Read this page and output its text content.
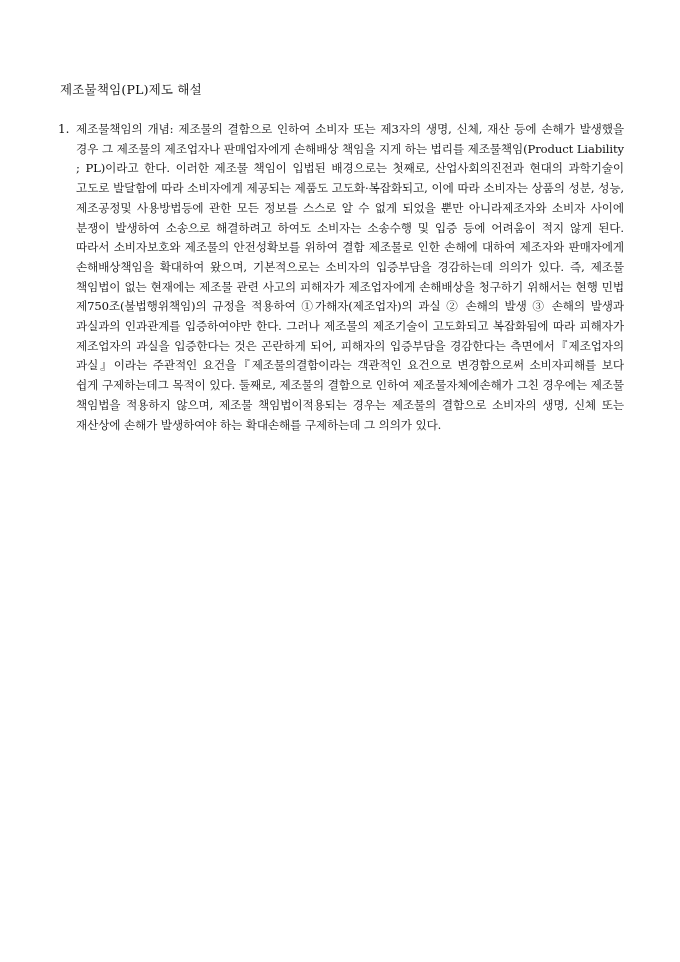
제조물책임(PL)제도 해설
1. 제조물책임의 개념: 제조물의 결함으로 인하여 소비자 또는 제3자의 생명, 신체, 재산 등에 손해가 발생했을 경우 그 제조물의 제조업자나 판매업자에게 손해배상 책임을 지게 하는 법리를 제조물책임(Product Liability ; PL)이라고 한다. 이러한 제조물 책임이 입법된 배경으로는 첫째로, 산업사회의진전과 현대의 과학기술이 고도로 발달함에 따라 소비자에게 제공되는 제품도 고도화·복잡화되고, 이에 따라 소비자는 상품의 성분, 성능, 제조공정및 사용방법등에 관한 모든 정보를 스스로 알 수 없게 되었을 뿐만 아니라제조자와 소비자 사이에 분쟁이 발생하여 소송으로 해결하려고 하여도 소비자는 소송수행 및 입증 등에 어려움이 적지 않게 된다. 따라서 소비자보호와 제조물의 안전성확보를 위하여 결함 제조물로 인한 손해에 대하여 제조자와 판매자에게 손해배상책임을 확대하여 왔으며, 기본적으로는 소비자의 입증부담을 경감하는데 의의가 있다. 즉, 제조물 책임법이 없는 현재에는 제조물 관련 사고의 피해자가 제조업자에게 손해배상을 청구하기 위해서는 현행 민법 제750조(불법행위책임)의 규정을 적용하여 ①가해자(제조업자)의 과실 ② 손해의 발생 ③ 손해의 발생과 과실과의 인과관계를 입증하여야만 한다. 그러나 제조물의 제조기술이 고도화되고 복잡화됨에 따라 피해자가 제조업자의 과실을 입증한다는 것은 곤란하게 되어, 피해자의 입증부담을 경감한다는 측면에서『제조업자의 과실』이라는 주관적인 요건을『제조물의결함이라는 객관적인 요건으로 변경함으로써 소비자피해를 보다 쉽게 구제하는데그 목적이 있다. 둘째로, 제조물의 결함으로 인하여 제조물자체에손해가 그친 경우에는 제조물 책임법을 적용하지 않으며, 제조물 책임법이적용되는 경우는 제조물의 결함으로 소비자의 생명, 신체 또는 재산상에 손해가 발생하여야 하는 확대손해를 구제하는데 그 의의가 있다.
